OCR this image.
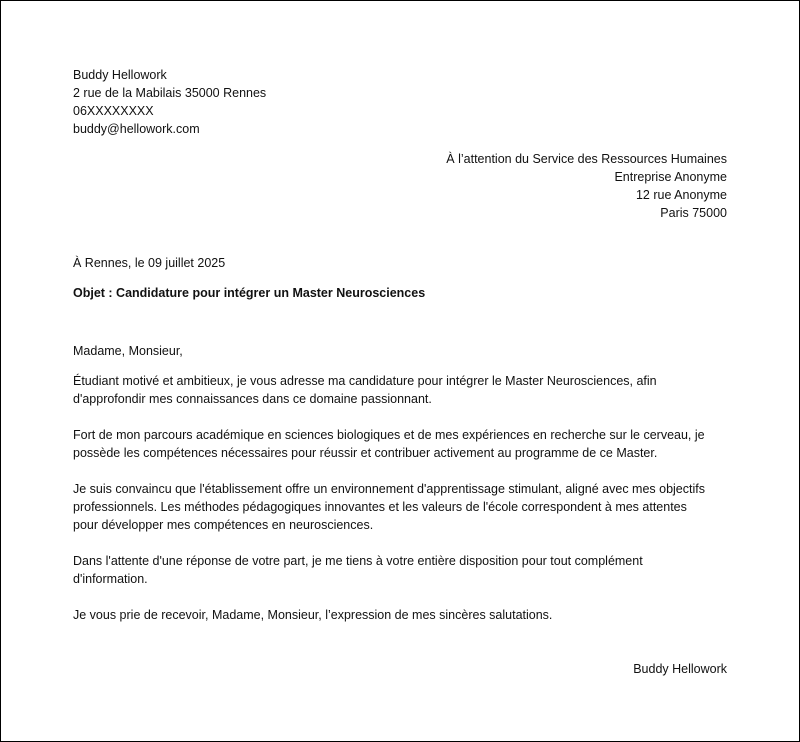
Buddy Hellowork
2 rue de la Mabilais 35000 Rennes
06XXXXXXXX
buddy@hellowork.com
À l’attention du Service des Ressources Humaines
Entreprise Anonyme
12 rue Anonyme
Paris 75000
À Rennes, le 09 juillet 2025
Objet : Candidature pour intégrer un Master Neurosciences
Madame, Monsieur,
Étudiant motivé et ambitieux, je vous adresse ma candidature pour intégrer le Master Neurosciences, afin
d'approfondir mes connaissances dans ce domaine passionnant.
Fort de mon parcours académique en sciences biologiques et de mes expériences en recherche sur le cerveau, je
possède les compétences nécessaires pour réussir et contribuer activement au programme de ce Master.
Je suis convaincu que l'établissement offre un environnement d'apprentissage stimulant, aligné avec mes objectifs
professionnels. Les méthodes pédagogiques innovantes et les valeurs de l'école correspondent à mes attentes
pour développer mes compétences en neurosciences.
Dans l'attente d'une réponse de votre part, je me tiens à votre entière disposition pour tout complément
d'information.
Je vous prie de recevoir, Madame, Monsieur, l’expression de mes sincères salutations.
Buddy Hellowork
